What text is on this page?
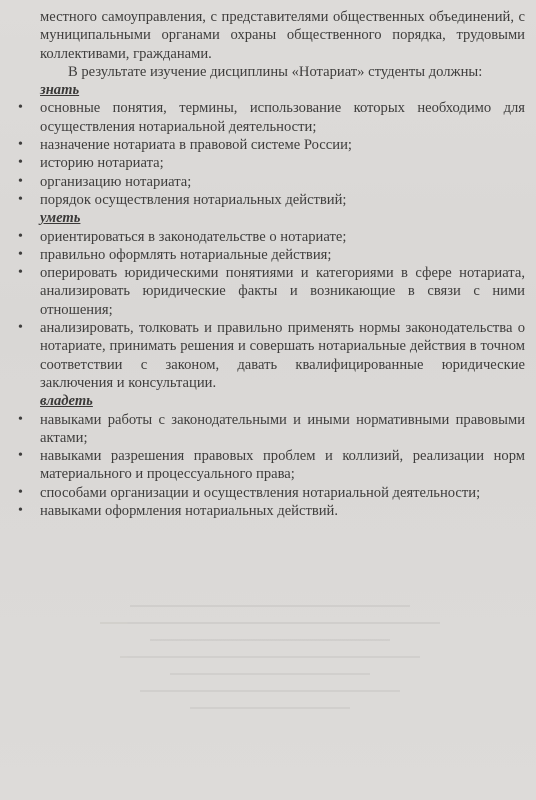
местного самоуправления, с представителями общественных объединений, с муниципальными органами охраны общественного порядка, трудовыми коллективами, гражданами.

В результате изучение дисциплины «Нотариат» студенты должны:

знать

• основные понятия, термины, использование которых необходимо для осуществления нотариальной деятельности;
• назначение нотариата в правовой системе России;
• историю нотариата;
• организацию нотариата;
• порядок осуществления нотариальных действий;

уметь

• ориентироваться в законодательстве о нотариате;
• правильно оформлять нотариальные действия;
• оперировать юридическими понятиями и категориями в сфере нотариата, анализировать юридические факты и возникающие в связи с ними отношения;
• анализировать, толковать и правильно применять нормы законодательства о нотариате, принимать решения и совершать нотариальные действия в точном соответствии с законом, давать квалифицированные юридические заключения и консультации.

владеть

• навыками работы с законодательными и иными нормативными правовыми актами;
• навыками разрешения правовых проблем и коллизий, реализации норм материального и процессуального права;
• способами организации и осуществления нотариальной деятельности;
• навыками оформления нотариальных действий.
